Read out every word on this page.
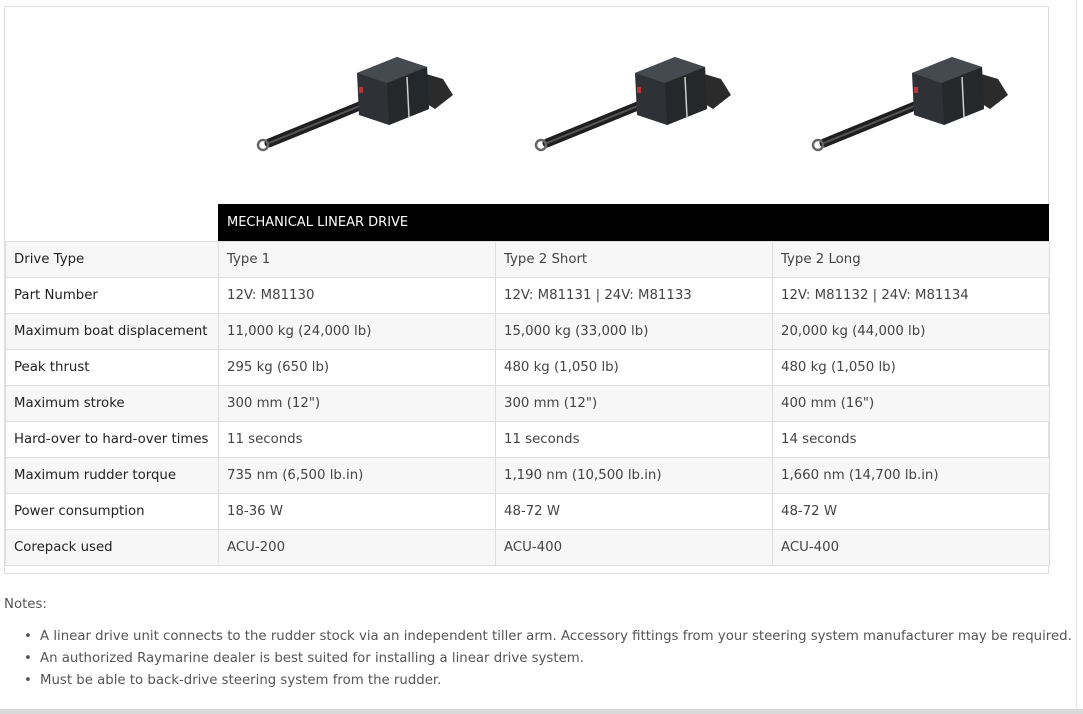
MECHANICAL LINEAR DRIVE
Drive Type	Type 1	Type 2 Short	Type 2 Long
Part Number	12V: M81130	12V: M81131 | 24V: M81133	12V: M81132 | 24V: M81134
Maximum boat displacement	11,000 kg (24,000 lb)	15,000 kg (33,000 lb)	20,000 kg (44,000 lb)
Peak thrust	295 kg (650 lb)	480 kg (1,050 lb)	480 kg (1,050 lb)
Maximum stroke	300 mm (12")	300 mm (12")	400 mm (16")
Hard-over to hard-over times	11 seconds	11 seconds	14 seconds
Maximum rudder torque	735 nm (6,500 lb.in)	1,190 nm (10,500 lb.in)	1,660 nm (14,700 lb.in)
Power consumption	18-36 W	48-72 W	48-72 W
Corepack used	ACU-200	ACU-400	ACU-400
Notes:
• A linear drive unit connects to the rudder stock via an independent tiller arm. Accessory fittings from your steering system manufacturer may be required.
• An authorized Raymarine dealer is best suited for installing a linear drive system.
• Must be able to back-drive steering system from the rudder.
